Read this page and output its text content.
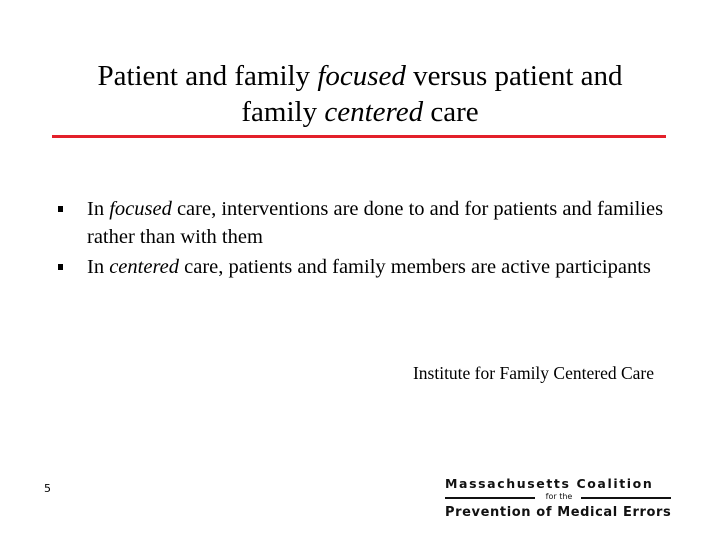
Patient and family focused versus patient and
family centered care
In focused care, interventions are done to and for patients and families rather than with them
In centered care, patients and family members are active participants
Institute for Family Centered Care
5	Massachusetts Coalition
for the
Prevention of Medical Errors
